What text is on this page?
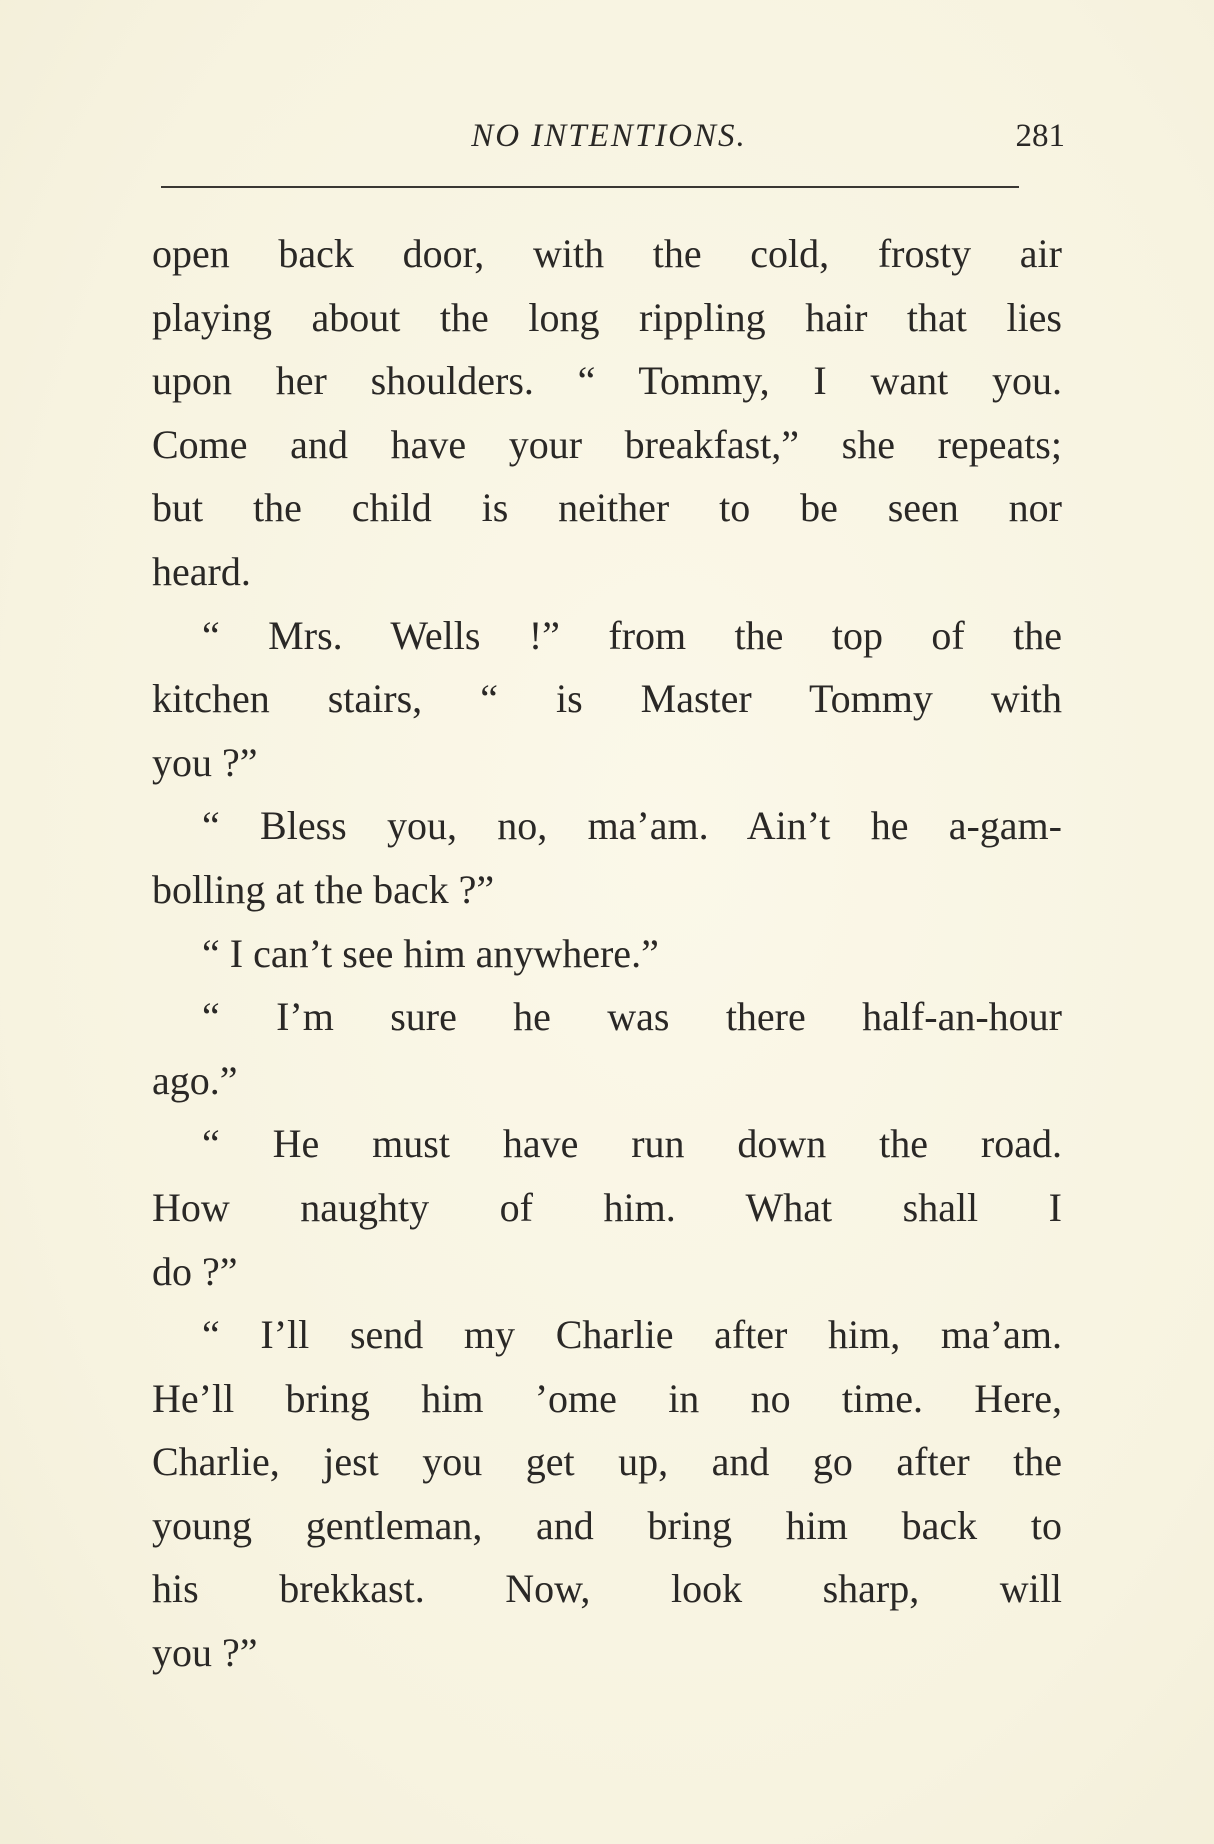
NO INTENTIONS.	281
open back door, with the cold, frosty air
playing about the long rippling hair that lies
upon her shoulders. “ Tommy, I want you.
Come and have your breakfast,” she repeats;
but the child is neither to be seen nor
heard.
“ Mrs. Wells !” from the top of the
kitchen stairs, “ is Master Tommy with
you ?”
“ Bless you, no, ma’am. Ain’t he a-gam-
bolling at the back ?”
“ I can’t see him anywhere.”
“ I’m sure he was there half-an-hour
ago.”
“ He must have run down the road.
How naughty of him. What shall I
do ?”
“ I’ll send my Charlie after him, ma’am.
He’ll bring him ’ome in no time. Here,
Charlie, jest you get up, and go after the
young gentleman, and bring him back to
his brekkast. Now, look sharp, will
you ?”
